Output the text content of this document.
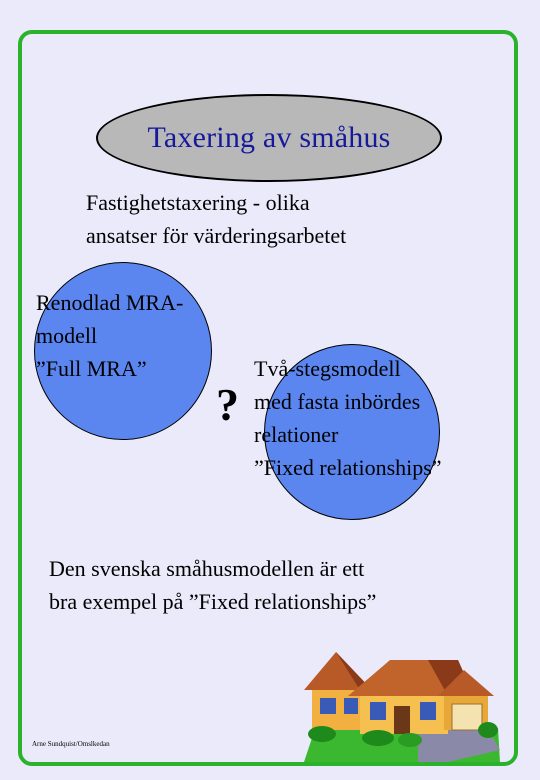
Taxering av småhus
Fastighetstaxering - olika
ansatser för värderingsarbetet
Renodlad MRA-
modell
”Full MRA”
?
Två-stegsmodell
med fasta inbördes
relationer
”Fixed relationships”
Den svenska småhusmodellen är ett
bra exempel på ”Fixed relationships”
Arne Sundquist/Omslkedan
